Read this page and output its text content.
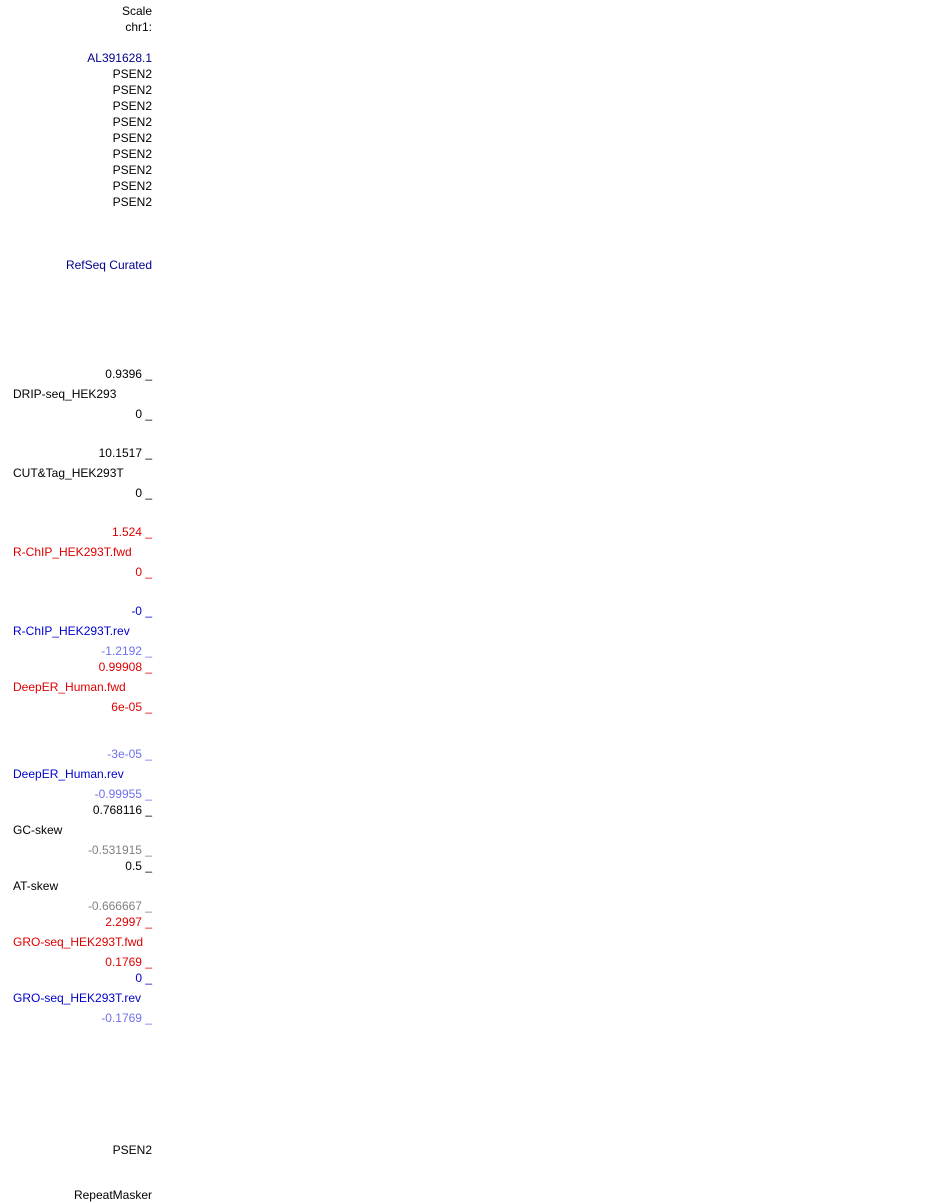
Scale
chr1:
AL391628.1
PSEN2
PSEN2
PSEN2
PSEN2
PSEN2
PSEN2
PSEN2
PSEN2
PSEN2
RefSeq Curated
0.9396 _
DRIP-seq_HEK293
0 _
10.1517 _
CUT&Tag_HEK293T
0 _
1.524 _
R-ChIP_HEK293T.fwd
0 _
-0 _
R-ChIP_HEK293T.rev
-1.2192 _
0.99908 _
DeepER_Human.fwd
6e-05 _
-3e-05 _
DeepER_Human.rev
-0.99955 _
0.768116 _
GC-skew
-0.531915 _
0.5 _
AT-skew
-0.666667 _
2.2997 _
GRO-seq_HEK293T.fwd
0.1769 _
0 _
GRO-seq_HEK293T.rev
-0.1769 _
PSEN2
RepeatMasker
